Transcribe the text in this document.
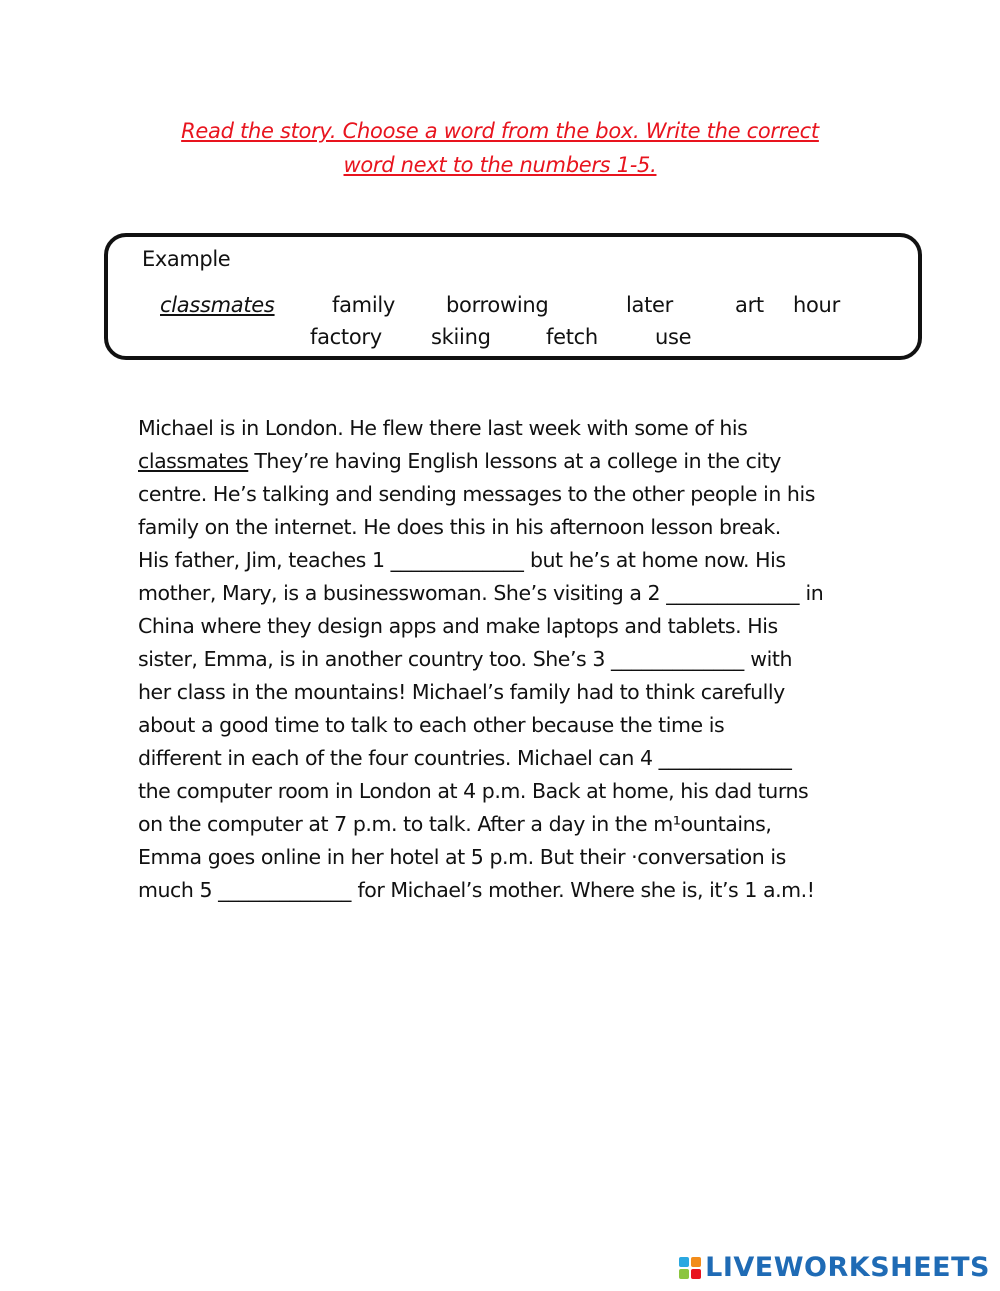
Read the story. Choose a word from the box. Write the correct
word next to the numbers 1-5.
Example
classmates	family borrowing	later	art hour
factory skiing	fetch	use
Michael is in London. He flew there last week with some of his
classmates They’re having English lessons at a college in the city
centre. He’s talking and sending messages to the other people in his
family on the internet. He does this in his afternoon lesson break.
His father, Jim, teaches 1 _____________ but he’s at home now. His
mother, Mary, is a businesswoman. She’s visiting a 2 _____________ in
China where they design apps and make laptops and tablets. His
sister, Emma, is in another country too. She’s 3 _____________ with
her class in the mountains! Michael’s family had to think carefully
about a good time to talk to each other because the time is
different in each of the four countries. Michael can 4 _____________
the computer room in London at 4 p.m. Back at home, his dad turns
on the computer at 7 p.m. to talk. After a day in the m¹ountains,
Emma goes online in her hotel at 5 p.m. But their ·conversation is
much 5 _____________ for Michael’s mother. Where she is, it’s 1 a.m.!
LIVEWORKSHEETS
